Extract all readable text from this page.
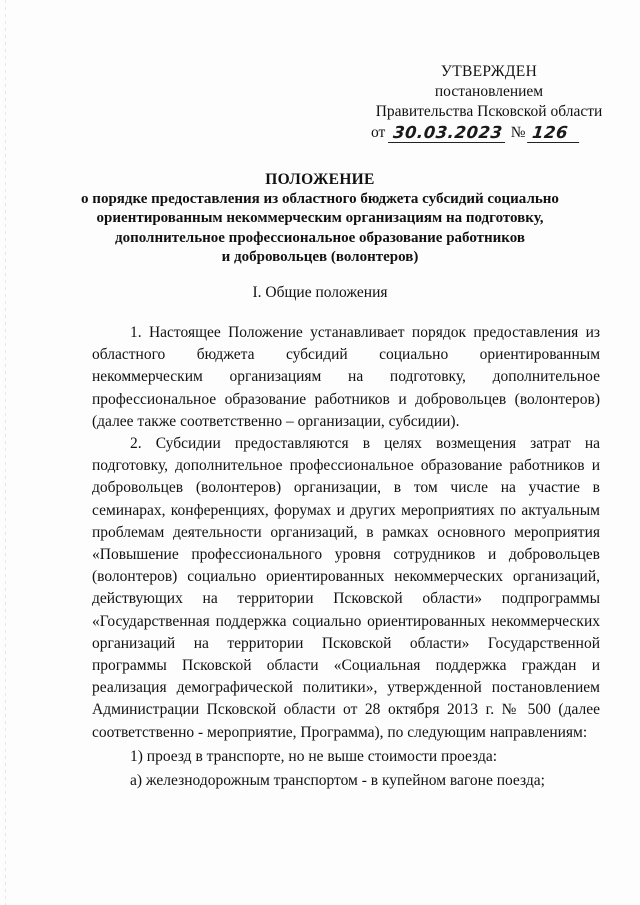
УТВЕРЖДЕН
постановлением
Правительства Псковской области
от 30.03.2023 № 126
ПОЛОЖЕНИЕ
о порядке предоставления из областного бюджета субсидий социально
ориентированным некоммерческим организациям на подготовку,
дополнительное профессиональное образование работников
и добровольцев (волонтеров)
I. Общие положения

1. Настоящее Положение устанавливает порядок предоставления из областного бюджета субсидий социально ориентированным некоммерческим организациям на подготовку, дополнительное профессиональное образование работников и добровольцев (волонтеров) (далее также соответственно – организации, субсидии).

2. Субсидии предоставляются в целях возмещения затрат на подготовку, дополнительное профессиональное образование работников и добровольцев (волонтеров) организации, в том числе на участие в семинарах, конференциях, форумах и других мероприятиях по актуальным проблемам деятельности организаций, в рамках основного мероприятия «Повышение профессионального уровня сотрудников и добровольцев (волонтеров) социально ориентированных некоммерческих организаций, действующих на территории Псковской области» подпрограммы «Государственная поддержка социально ориентированных некоммерческих организаций на территории Псковской области» Государственной программы Псковской области «Социальная поддержка граждан и реализация демографической политики», утвержденной постановлением Администрации Псковской области от 28 октября 2013 г. № 500 (далее соответственно - мероприятие, Программа), по следующим направлениям:

1) проезд в транспорте, но не выше стоимости проезда:

а) железнодорожным транспортом - в купейном вагоне поезда;
